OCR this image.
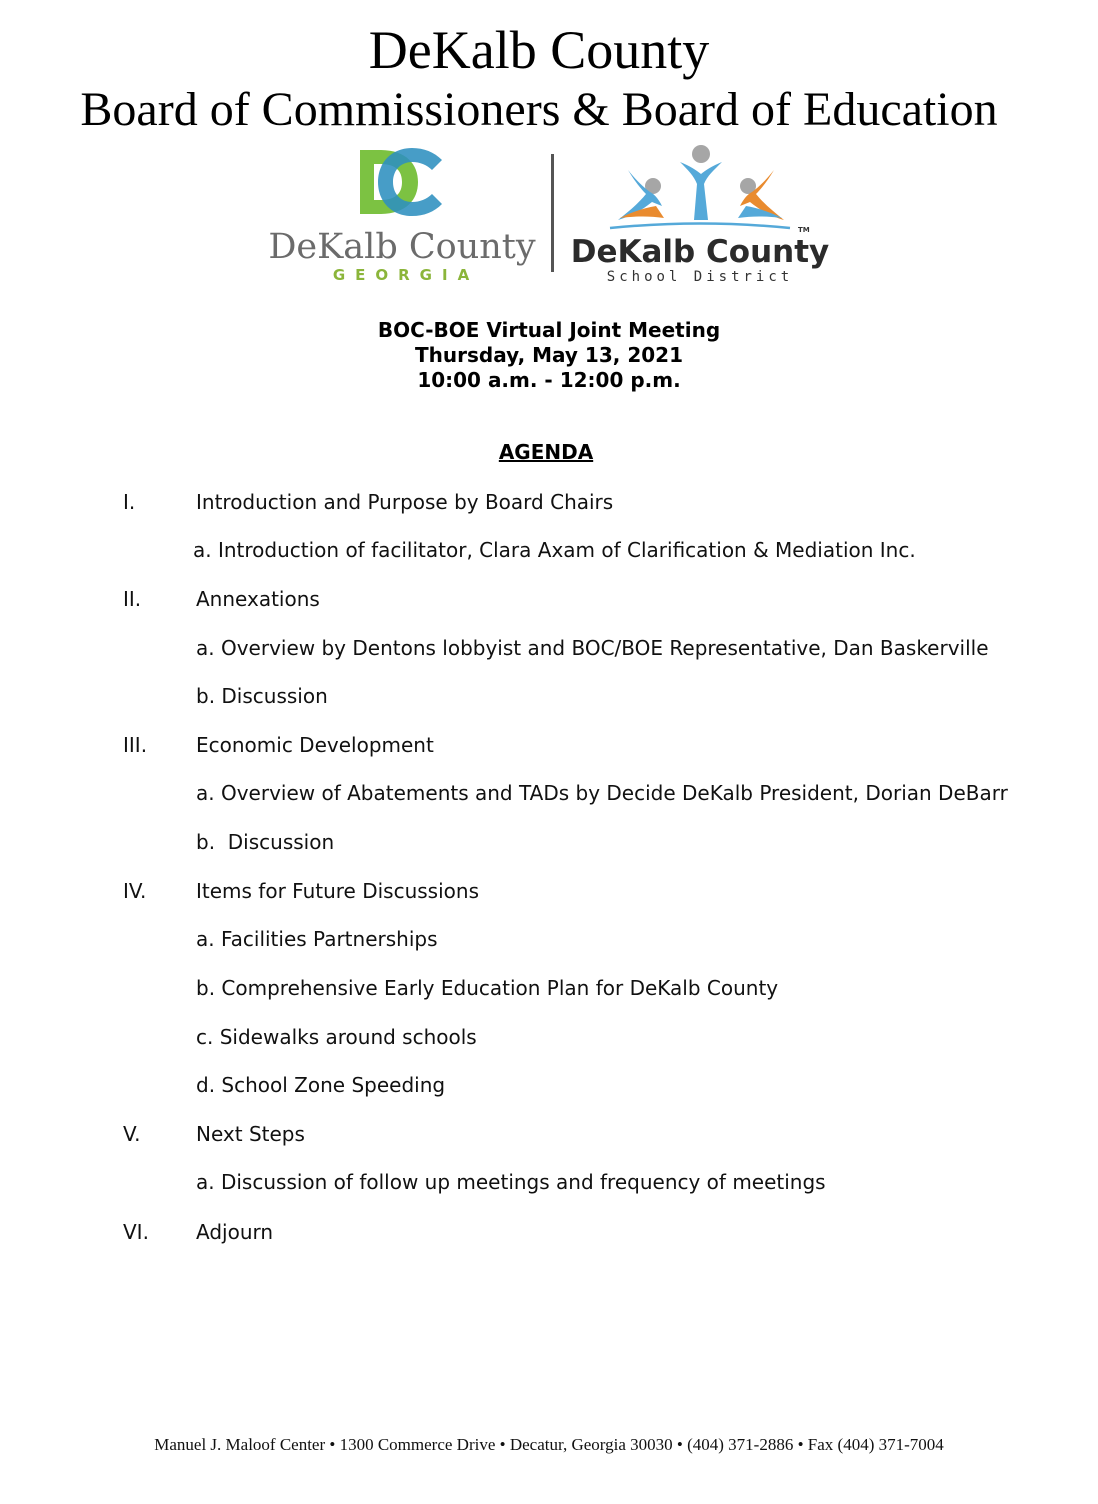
DeKalb County
Board of Commissioners & Board of Education
DeKalb County
GEORGIA
TM
DeKalb County
School District
BOC-BOE Virtual Joint Meeting
Thursday, May 13, 2021
10:00 a.m. - 12:00 p.m.
AGENDA
I.	Introduction and Purpose by Board Chairs
a. Introduction of facilitator, Clara Axam of Clarification & Mediation Inc.
II.	Annexations
a. Overview by Dentons lobbyist and BOC/BOE Representative, Dan Baskerville
b. Discussion
III. Economic Development
a. Overview of Abatements and TADs by Decide DeKalb President, Dorian DeBarr
b.  Discussion
IV. Items for Future Discussions
a. Facilities Partnerships
b. Comprehensive Early Education Plan for DeKalb County
c. Sidewalks around schools
d. School Zone Speeding
V.	Next Steps
a. Discussion of follow up meetings and frequency of meetings
VI. Adjourn
Manuel J. Maloof Center • 1300 Commerce Drive • Decatur, Georgia 30030 • (404) 371-2886 • Fax (404) 371-7004
